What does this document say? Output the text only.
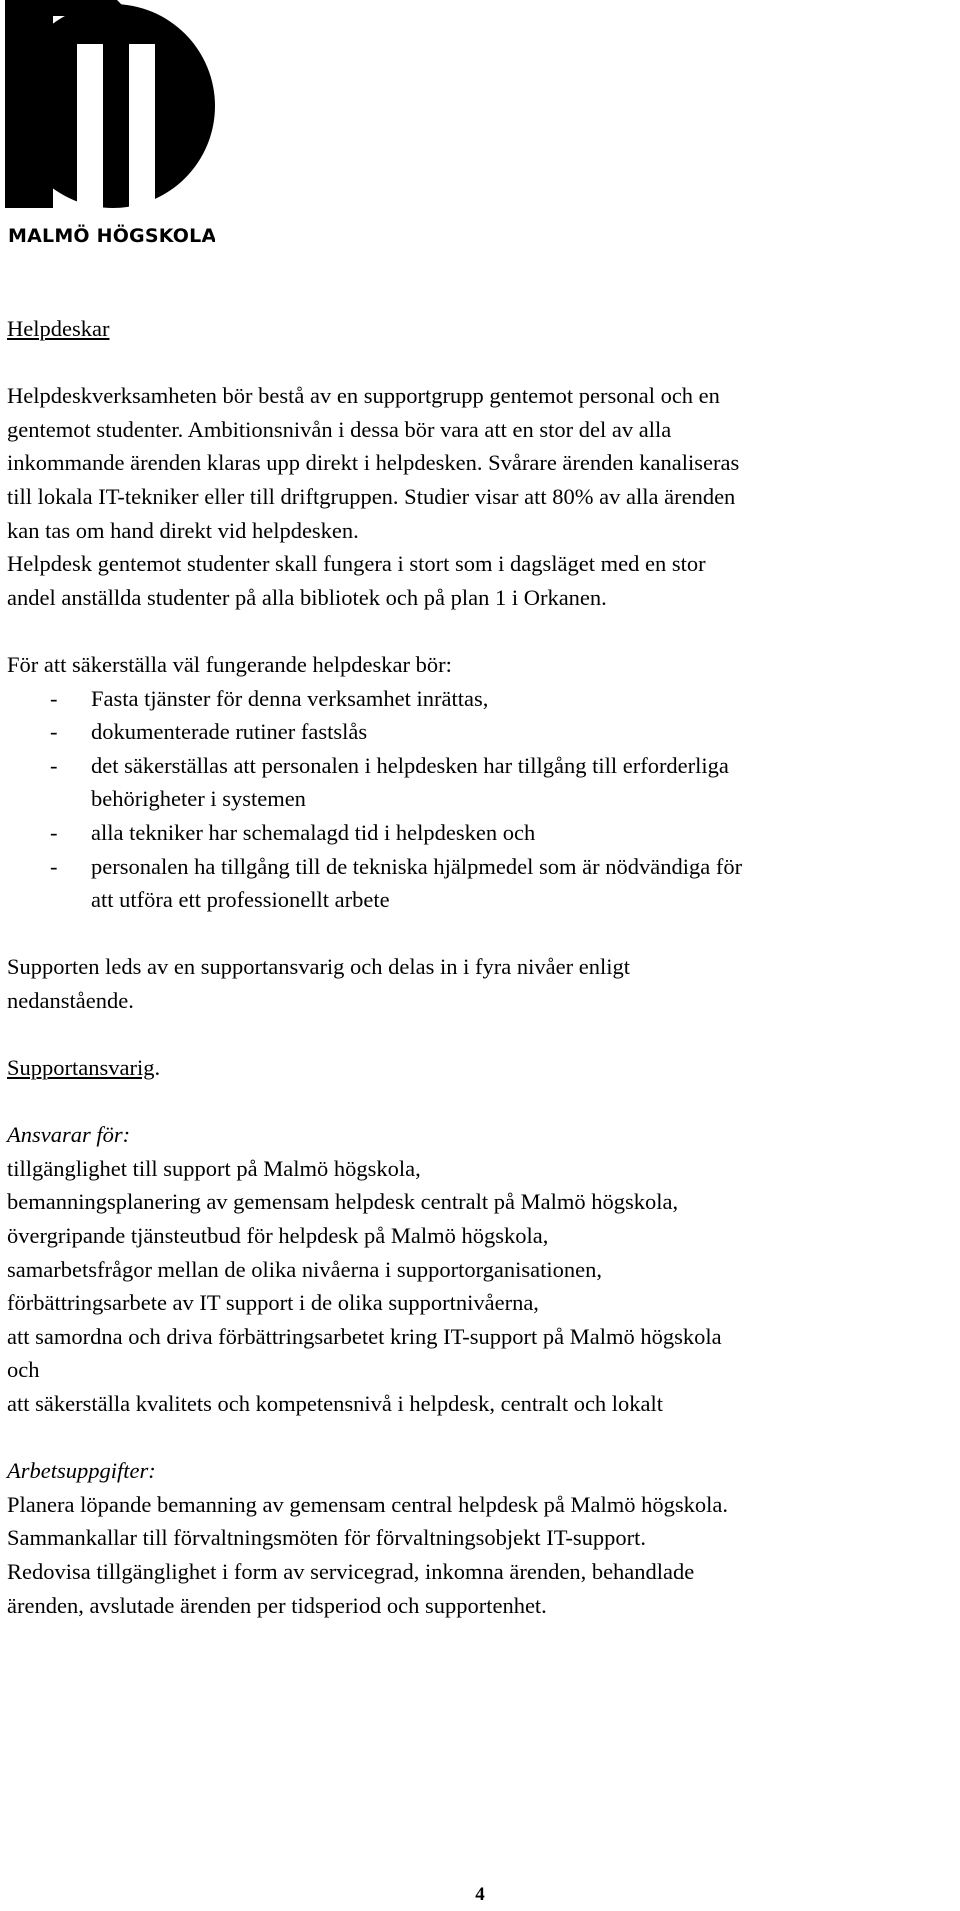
MALMÖ HÖGSKOLA

Helpdeskar

Helpdeskverksamheten bör bestå av en supportgrupp gentemot personal och en

gentemot studenter. Ambitionsnivån i dessa bör vara att en stor del av alla

inkommande ärenden klaras upp direkt i helpdesken. Svårare ärenden kanaliseras

till lokala IT-tekniker eller till driftgruppen. Studier visar att 80% av alla ärenden

kan tas om hand direkt vid helpdesken.

Helpdesk gentemot studenter skall fungera i stort som i dagsläget med en stor

andel anställda studenter på alla bibliotek och på plan 1 i Orkanen.

För att säkerställa väl fungerande helpdeskar bör:

- Fasta tjänster för denna verksamhet inrättas,
- dokumenterade rutiner fastslås
- det säkerställas att personalen i helpdesken har tillgång till erforderliga
behörigheter i systemen
- alla tekniker har schemalagd tid i helpdesken och
- personalen ha tillgång till de tekniska hjälpmedel som är nödvändiga för
att utföra ett professionellt arbete

Supporten leds av en supportansvarig och delas in i fyra nivåer enligt

nedanstående.

Supportansvarig.

Ansvarar för:

tillgänglighet till support på Malmö högskola,

bemanningsplanering av gemensam helpdesk centralt på Malmö högskola,

övergripande tjänsteutbud för helpdesk på Malmö högskola,

samarbetsfrågor mellan de olika nivåerna i supportorganisationen,

förbättringsarbete av IT support i de olika supportnivåerna,

att samordna och driva förbättringsarbetet kring IT-support på Malmö högskola

och

att säkerställa kvalitets och kompetensnivå i helpdesk, centralt och lokalt

Arbetsuppgifter:

Planera löpande bemanning av gemensam central helpdesk på Malmö högskola.

Sammankallar till förvaltningsmöten för förvaltningsobjekt IT-support.

Redovisa tillgänglighet i form av servicegrad, inkomna ärenden, behandlade

ärenden, avslutade ärenden per tidsperiod och supportenhet.

4
